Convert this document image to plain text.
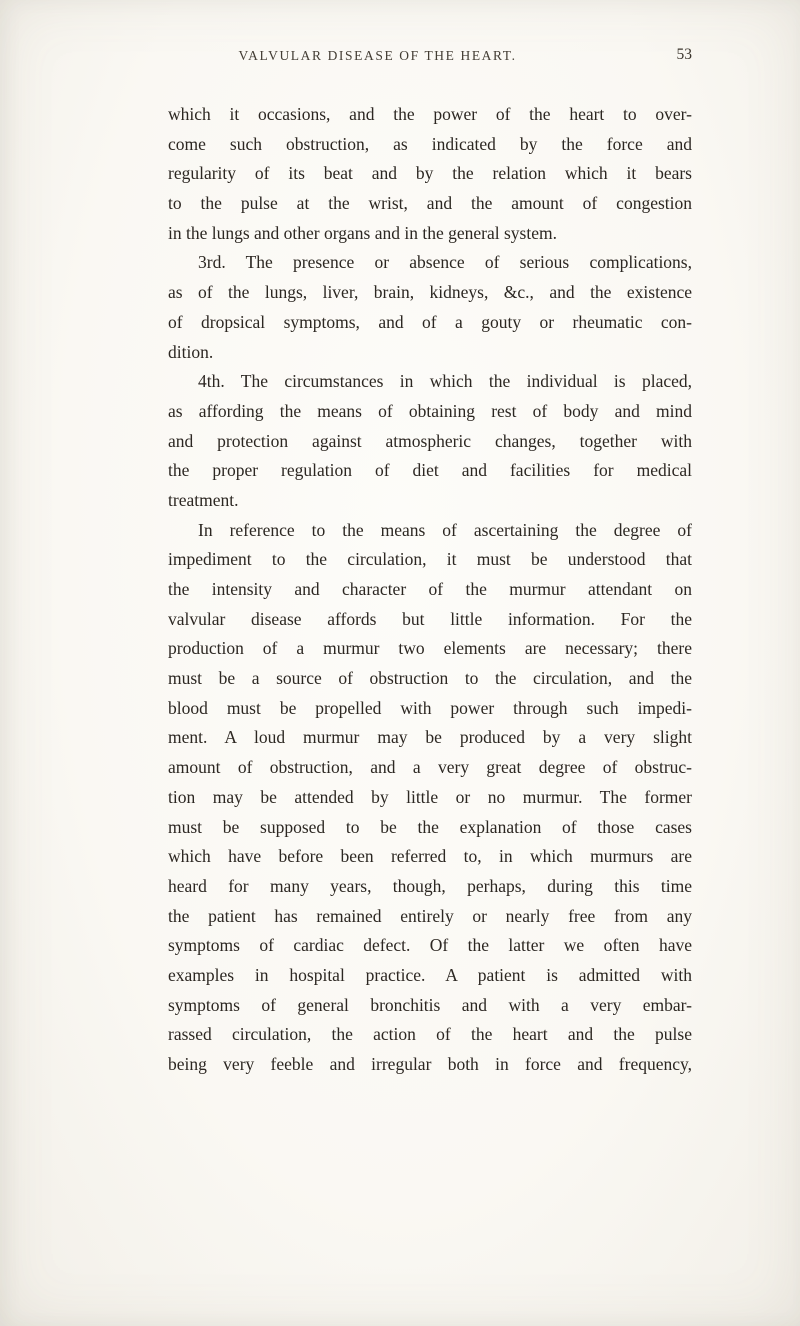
VALVULAR DISEASE OF THE HEART.	53
which it occasions, and the power of the heart to over-
come such obstruction, as indicated by the force and
regularity of its beat and by the relation which it bears
to the pulse at the wrist, and the amount of congestion
in the lungs and other organs and in the general system.
3rd. The presence or absence of serious complications,
as of the lungs, liver, brain, kidneys, &c., and the existence
of dropsical symptoms, and of a gouty or rheumatic con-
dition.
4th. The circumstances in which the individual is placed,
as affording the means of obtaining rest of body and mind
and protection against atmospheric changes, together with
the proper regulation of diet and facilities for medical
treatment.
In reference to the means of ascertaining the degree of
impediment to the circulation, it must be understood that
the intensity and character of the murmur attendant on
valvular disease affords but little information. For the
production of a murmur two elements are necessary; there
must be a source of obstruction to the circulation, and the
blood must be propelled with power through such impedi-
ment. A loud murmur may be produced by a very slight
amount of obstruction, and a very great degree of obstruc-
tion may be attended by little or no murmur. The former
must be supposed to be the explanation of those cases
which have before been referred to, in which murmurs are
heard for many years, though, perhaps, during this time
the patient has remained entirely or nearly free from any
symptoms of cardiac defect. Of the latter we often have
examples in hospital practice. A patient is admitted with
symptoms of general bronchitis and with a very embar-
rassed circulation, the action of the heart and the pulse
being very feeble and irregular both in force and frequency,
